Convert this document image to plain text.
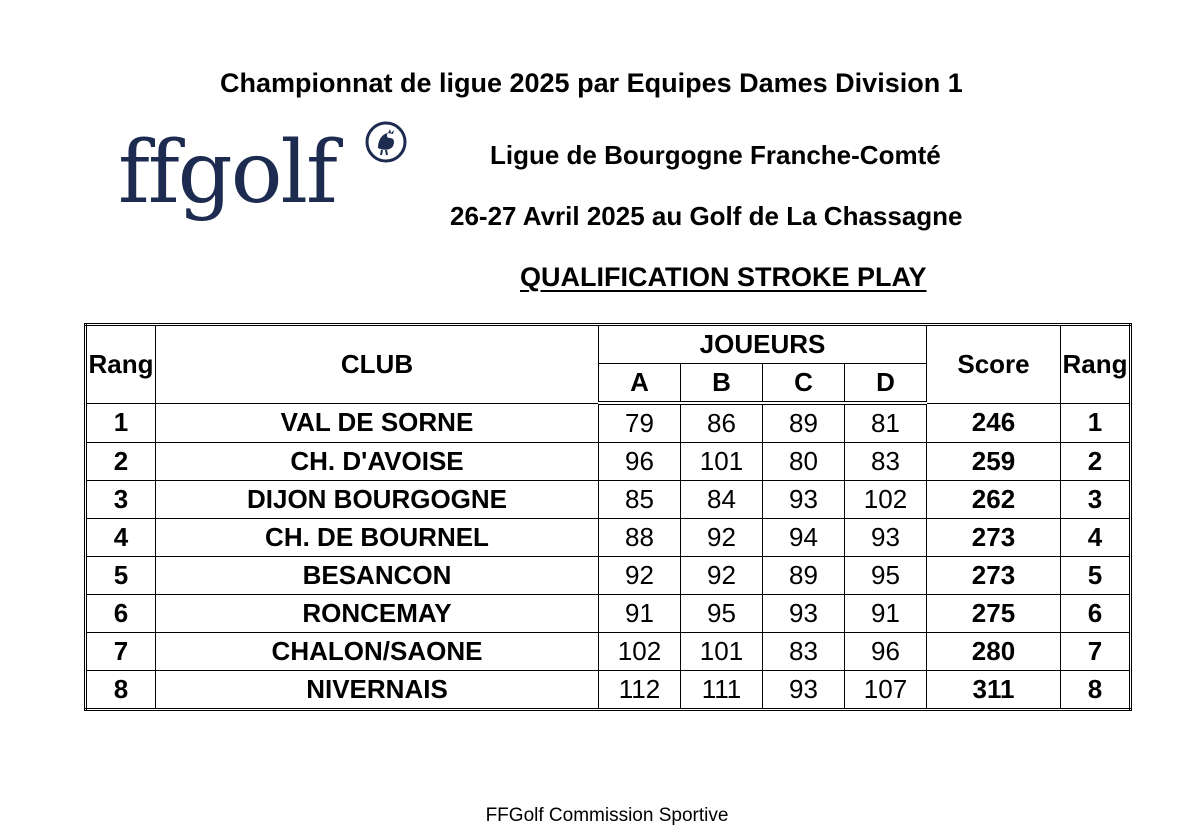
Championnat de ligue 2025 par Equipes Dames Division 1
ffgolf	Ligue de Bourgogne Franche-Comté
26-27 Avril 2025 au Golf de La Chassagne
QUALIFICATION STROKE PLAY
Rang	CLUB	JOUEURS				Score	Rang
		A	B	C	D		
1	VAL DE SORNE	79	86	89	81	246	1
2	CH. D'AVOISE	96	101	80	83	259	2
3	DIJON BOURGOGNE	85	84	93	102	262	3
4	CH. DE BOURNEL	88	92	94	93	273	4
5	BESANCON	92	92	89	95	273	5
6	RONCEMAY	91	95	93	91	275	6
7	CHALON/SAONE	102	101	83	96	280	7
8	NIVERNAIS	112	111	93	107	311	8
FFGolf Commission Sportive
